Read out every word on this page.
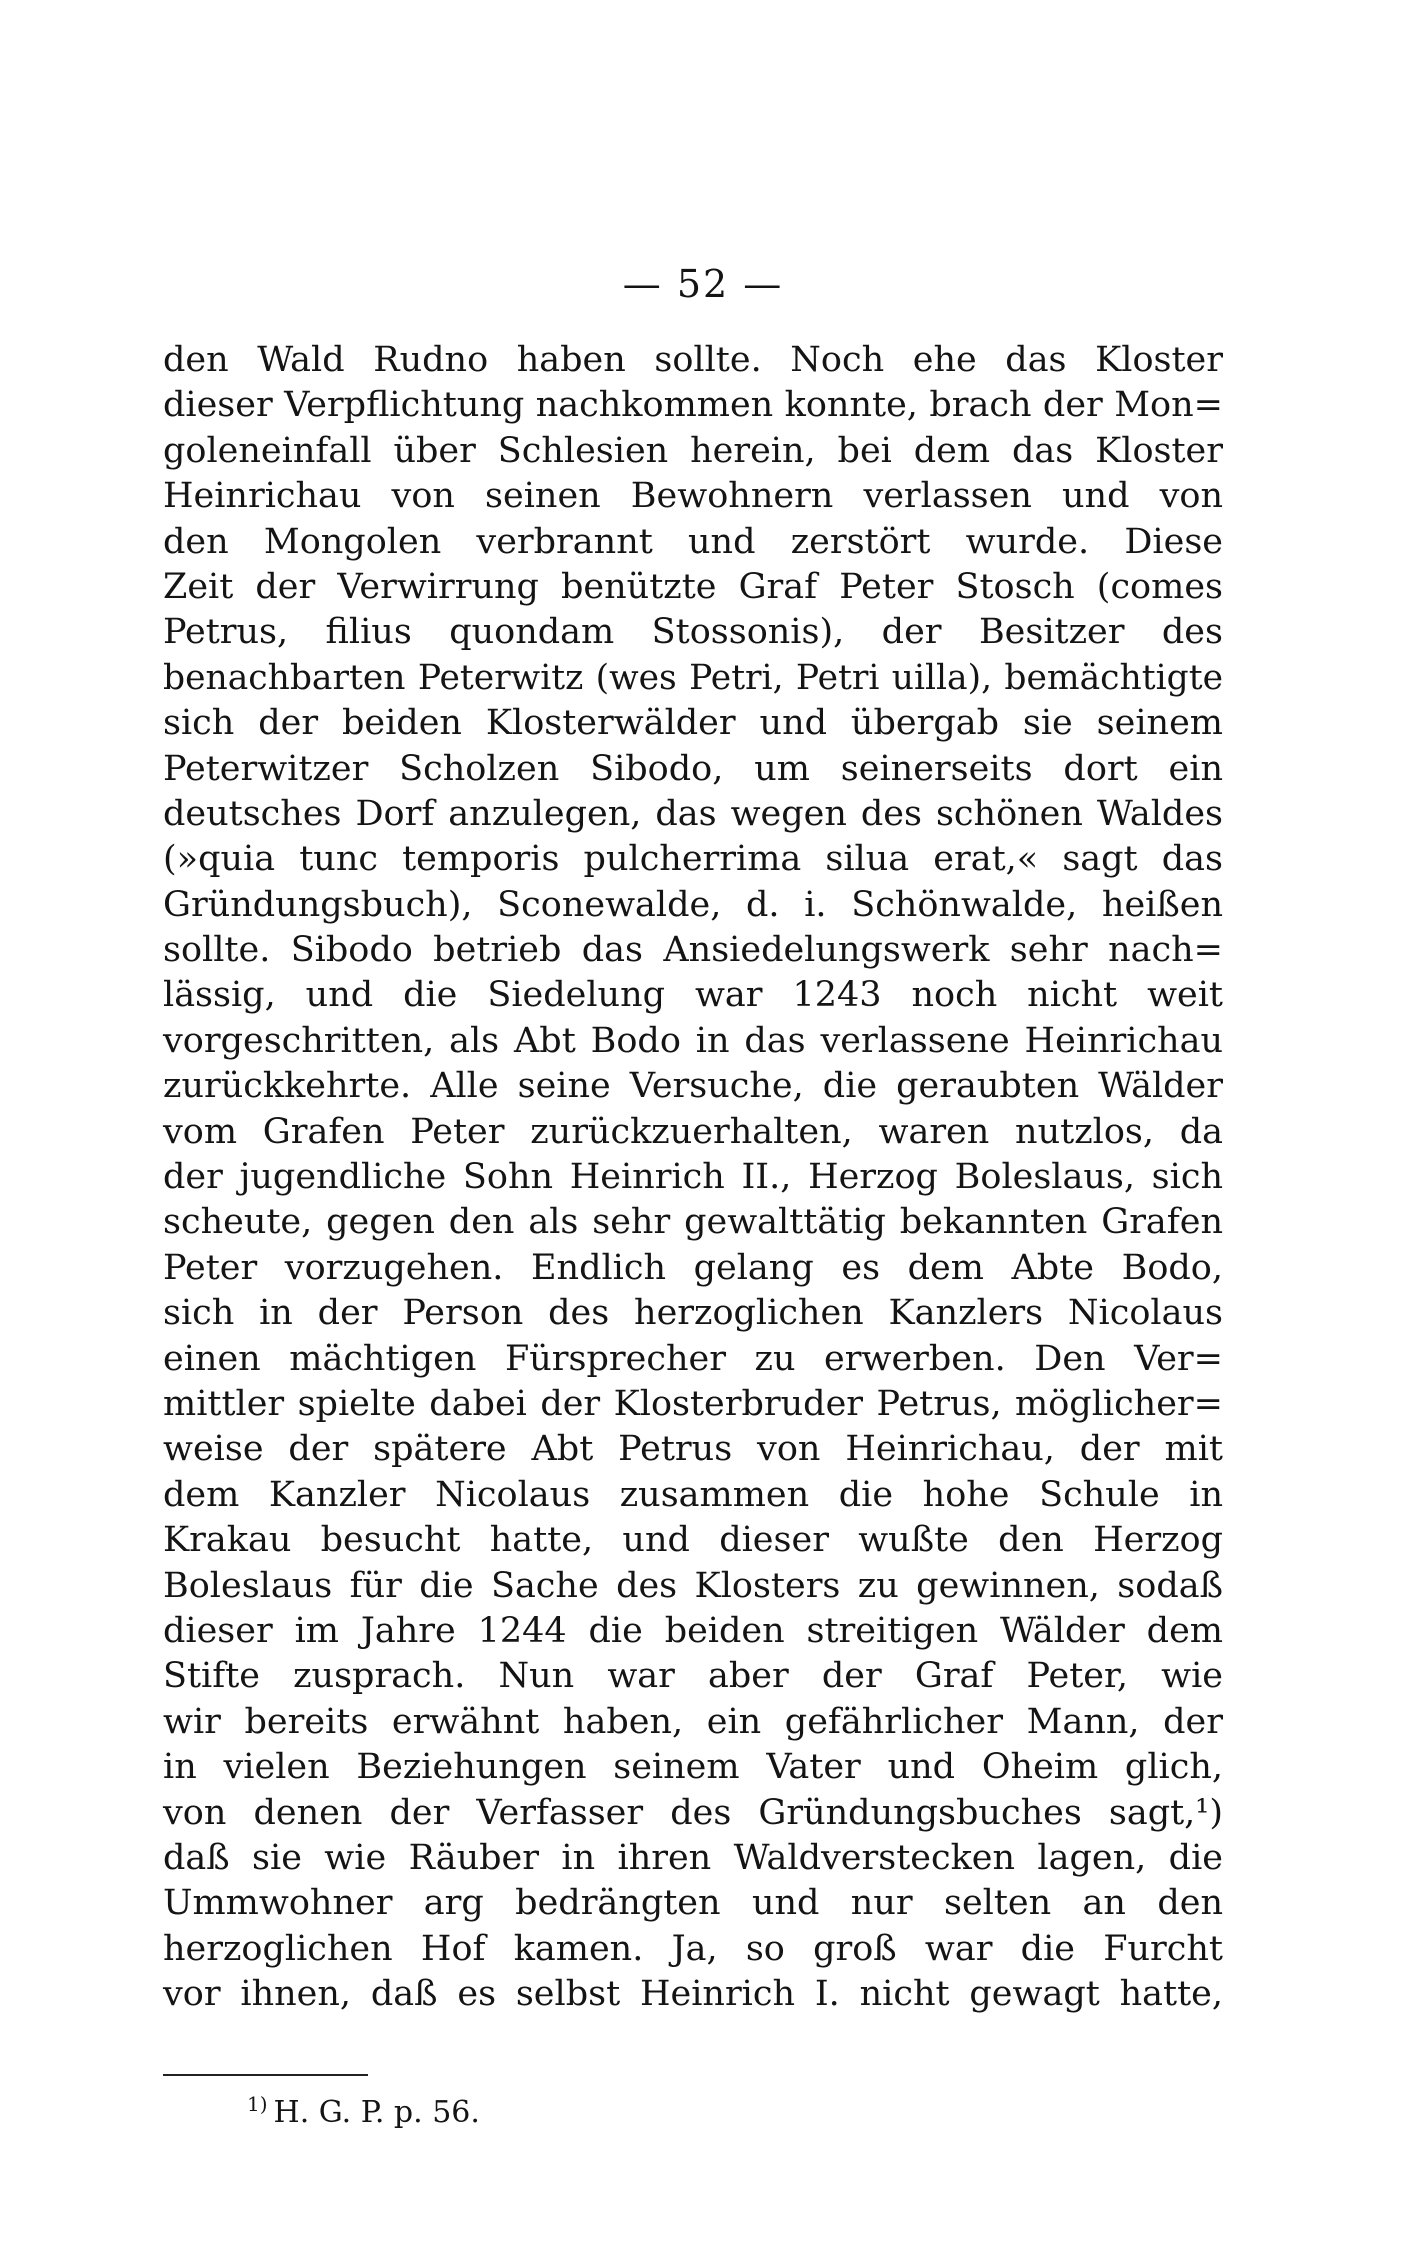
— 52 —
den Wald Rudno haben sollte. Noch ehe das Kloster
dieser Verpflichtung nachkommen konnte, brach der Mon=
goleneinfall über Schlesien herein, bei dem das Kloster
Heinrichau von seinen Bewohnern verlassen und von
den Mongolen verbrannt und zerstört wurde. Diese
Zeit der Verwirrung benützte Graf Peter Stosch (comes
Petrus, filius quondam Stossonis), der Besitzer des
benachbarten Peterwitz (wes Petri, Petri uilla), bemächtigte
sich der beiden Klosterwälder und übergab sie seinem
Peterwitzer Scholzen Sibodo, um seinerseits dort ein
deutsches Dorf anzulegen, das wegen des schönen Waldes
(»quia tunc temporis pulcherrima silua erat,« sagt das
Gründungsbuch), Sconewalde, d. i. Schönwalde, heißen
sollte. Sibodo betrieb das Ansiedelungswerk sehr nach=
lässig, und die Siedelung war 1243 noch nicht weit
vorgeschritten, als Abt Bodo in das verlassene Heinrichau
zurückkehrte. Alle seine Versuche, die geraubten Wälder
vom Grafen Peter zurückzuerhalten, waren nutzlos, da
der jugendliche Sohn Heinrich II., Herzog Boleslaus, sich
scheute, gegen den als sehr gewalttätig bekannten Grafen
Peter vorzugehen. Endlich gelang es dem Abte Bodo,
sich in der Person des herzoglichen Kanzlers Nicolaus
einen mächtigen Fürsprecher zu erwerben. Den Ver=
mittler spielte dabei der Klosterbruder Petrus, möglicher=
weise der spätere Abt Petrus von Heinrichau, der mit
dem Kanzler Nicolaus zusammen die hohe Schule in
Krakau besucht hatte, und dieser wußte den Herzog
Boleslaus für die Sache des Klosters zu gewinnen, sodaß
dieser im Jahre 1244 die beiden streitigen Wälder dem
Stifte zusprach. Nun war aber der Graf Peter, wie
wir bereits erwähnt haben, ein gefährlicher Mann, der
in vielen Beziehungen seinem Vater und Oheim glich,
von denen der Verfasser des Gründungsbuches sagt,¹)
daß sie wie Räuber in ihren Waldverstecken lagen, die
Ummwohner arg bedrängten und nur selten an den
herzoglichen Hof kamen. Ja, so groß war die Furcht
vor ihnen, daß es selbst Heinrich I. nicht gewagt hatte,
$^{1)}$ H. G. P. p. 56.
